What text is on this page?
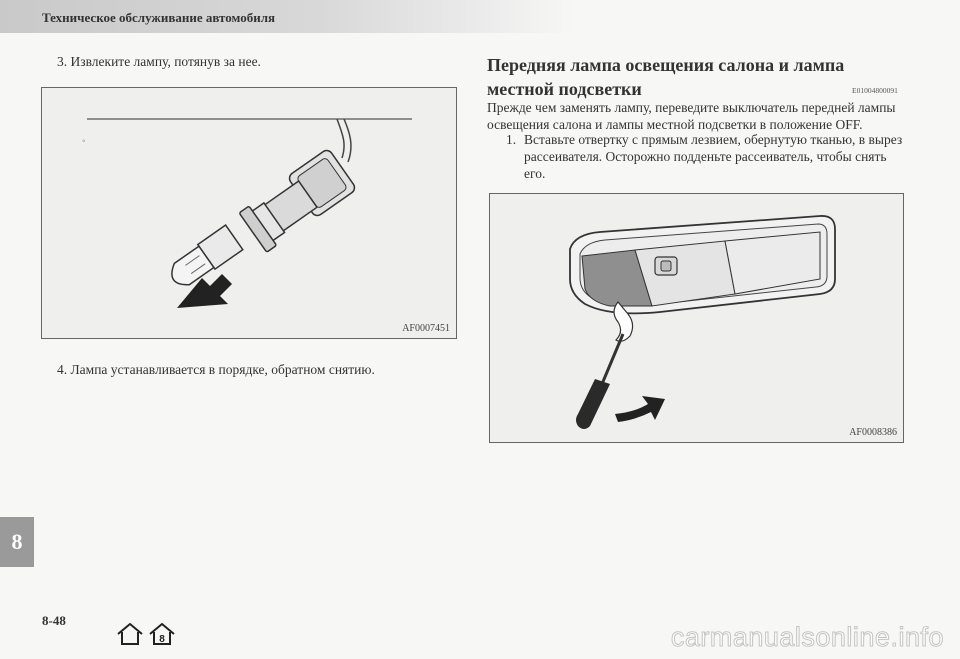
Техническое обслуживание автомобиля
3. Извлеките лампу, потянув за нее.
°
AF0007451
4. Лампа устанавливается в порядке, обратном снятию.
Передняя лампа освещения салона и лампа местной подсветки	E01004800091
Прежде чем заменять лампу, переведите выключатель передней лампы освещения салона и лампы местной подсветки в положение OFF.
1. Вставьте отвертку с прямым лезвием, обернутую тканью, в вырез рассеивателя. Осторожно подденьте рассеиватель, чтобы снять его.
AF0008386
8
8-48
8	carmanualsonline.info
